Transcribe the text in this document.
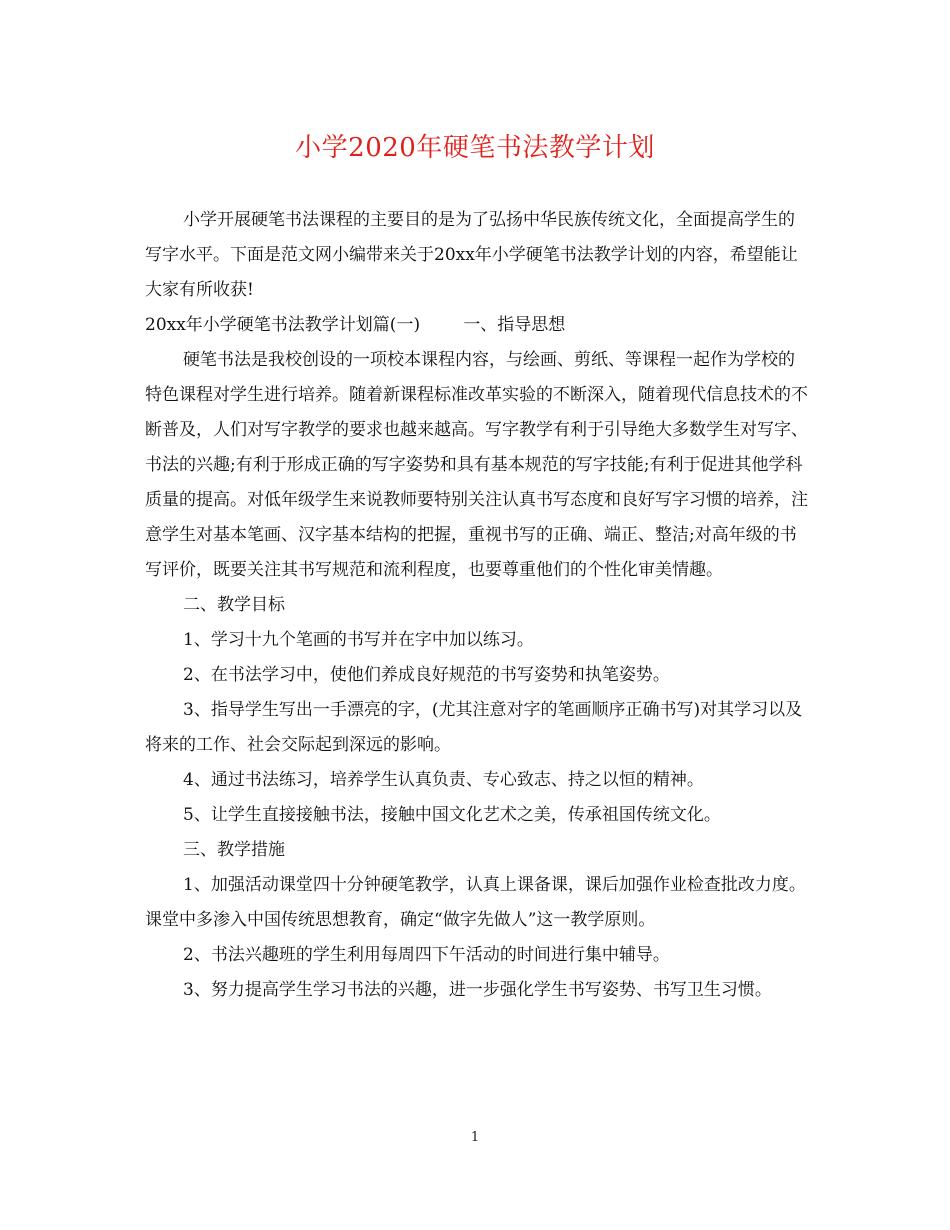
小学2020年硬笔书法教学计划

小学开展硬笔书法课程的主要目的是为了弘扬中华民族传统文化，全面提高学生的写字水平。下面是范文网小编带来关于20xx年小学硬笔书法教学计划的内容，希望能让大家有所收获!

20xx年小学硬笔书法教学计划篇(一)	一、指导思想

硬笔书法是我校创设的一项校本课程内容，与绘画、剪纸、等课程一起作为学校的特色课程对学生进行培养。随着新课程标准改革实验的不断深入，随着现代信息技术的不断普及，人们对写字教学的要求也越来越高。写字教学有利于引导绝大多数学生对写字、书法的兴趣;有利于形成正确的写字姿势和具有基本规范的写字技能;有利于促进其他学科质量的提高。对低年级学生来说教师要特别关注认真书写态度和良好写字习惯的培养，注意学生对基本笔画、汉字基本结构的把握，重视书写的正确、端正、整洁;对高年级的书写评价，既要关注其书写规范和流利程度，也要尊重他们的个性化审美情趣。

二、教学目标

1、学习十九个笔画的书写并在字中加以练习。

2、在书法学习中，使他们养成良好规范的书写姿势和执笔姿势。

3、指导学生写出一手漂亮的字，(尤其注意对字的笔画顺序正确书写)对其学习以及将来的工作、社会交际起到深远的影响。

4、通过书法练习，培养学生认真负责、专心致志、持之以恒的精神。

5、让学生直接接触书法，接触中国文化艺术之美，传承祖国传统文化。

三、教学措施

1、加强活动课堂四十分钟硬笔教学，认真上课备课，课后加强作业检查批改力度。课堂中多渗入中国传统思想教育，确定“做字先做人”这一教学原则。

2、书法兴趣班的学生利用每周四下午活动的时间进行集中辅导。

3、努力提高学生学习书法的兴趣，进一步强化学生书写姿势、书写卫生习惯。

1
